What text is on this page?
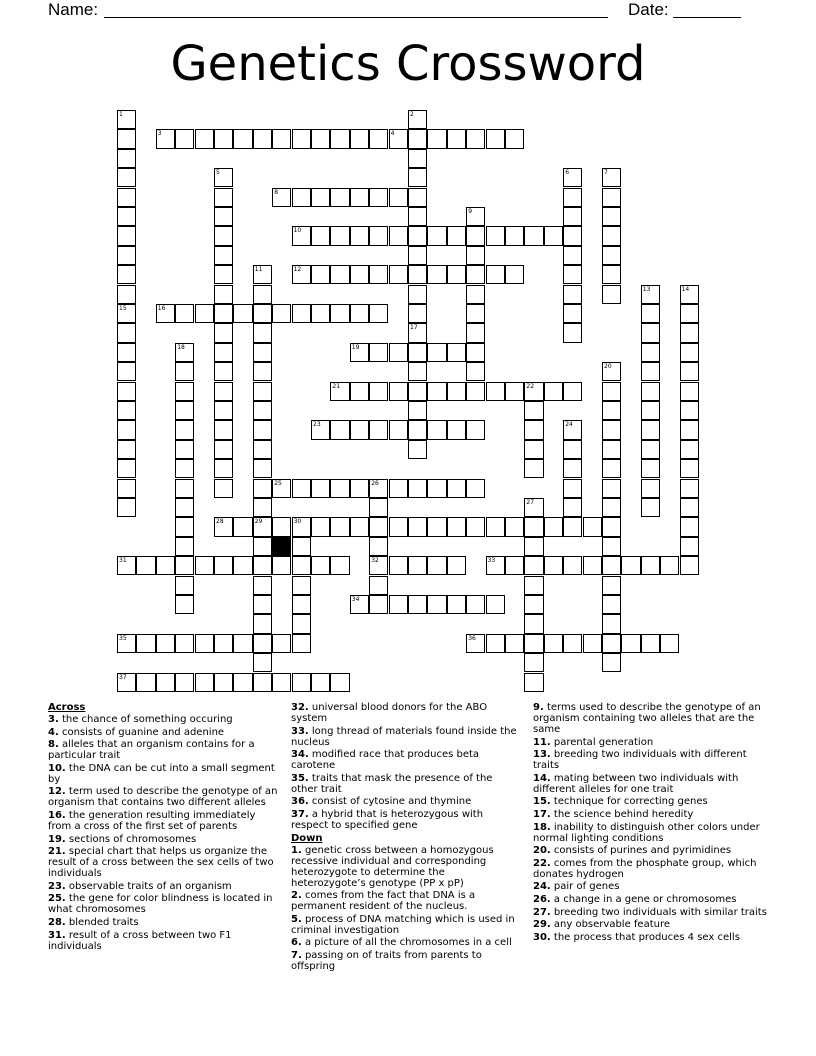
Name:	Date:
Genetics Crossword
1
15
2
17
5	6	7
9
11
29
13	14
18
20
22
24
26
32
27
30
3	4
8
10
12
16
19
21
23
25
28
31	33
34
35	36
37
Across
3. the chance of something occuring
4. consists of guanine and adenine
8. alleles that an organism contains for a particular trait
10. the DNA can be cut into a small segment by
12. term used to describe the genotype of an organism that contains two different alleles
16. the generation resulting immediately from a cross of the first set of parents
19. sections of chromosomes
21. special chart that helps us organize the result of a cross between the sex cells of two individuals
23. observable traits of an organism
25. the gene for color blindness is located in what chromosomes
28. blended traits
31. result of a cross between two F1 individuals
32. universal blood donors for the ABO system
33. long thread of materials found inside the nucleus
34. modified race that produces beta carotene
35. traits that mask the presence of the other trait
36. consist of cytosine and thymine
37. a hybrid that is heterozygous with respect to specified gene
Down
1. genetic cross between a homozygous recessive individual and corresponding heterozygote to determine the heterozygote’s genotype (PP x pP)
2. comes from the fact that DNA is a permanent resident of the nucleus.
5. process of DNA matching which is used in criminal investigation
6. a picture of all the chromosomes in a cell
7. passing on of traits from parents to offspring
9. terms used to describe the genotype of an organism containing two alleles that are the same
11. parental generation
13. breeding two individuals with different traits
14. mating between two individuals with different alleles for one trait
15. technique for correcting genes
17. the science behind heredity
18. inability to distinguish other colors under normal lighting conditions
20. consists of purines and pyrimidines
22. comes from the phosphate group, which donates hydrogen
24. pair of genes
26. a change in a gene or chromosomes
27. breeding two individuals with similar traits
29. any observable feature
30. the process that produces 4 sex cells
